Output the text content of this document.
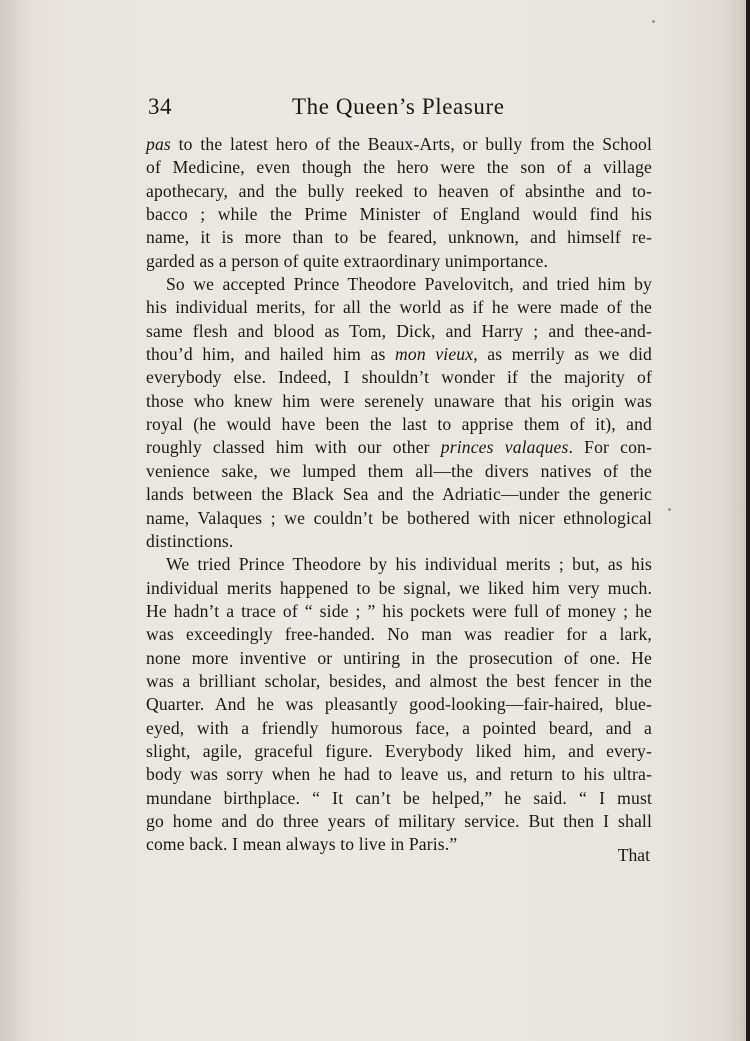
34	The Queen’s Pleasure
pas to the latest hero of the Beaux-Arts, or bully from the School
of Medicine, even though the hero were the son of a village
apothecary, and the bully reeked to heaven of absinthe and to-
bacco ; while the Prime Minister of England would find his
name, it is more than to be feared, unknown, and himself re-
garded as a person of quite extraordinary unimportance.
So we accepted Prince Theodore Pavelovitch, and tried him by
his individual merits, for all the world as if he were made of the
same flesh and blood as Tom, Dick, and Harry ; and thee-and-
thou’d him, and hailed him as mon vieux, as merrily as we did
everybody else. Indeed, I shouldn’t wonder if the majority of
those who knew him were serenely unaware that his origin was
royal (he would have been the last to apprise them of it), and
roughly classed him with our other princes valaques. For con-
venience sake, we lumped them all—the divers natives of the
lands between the Black Sea and the Adriatic—under the generic
name, Valaques ; we couldn’t be bothered with nicer ethnological
distinctions.
We tried Prince Theodore by his individual merits ; but, as his
individual merits happened to be signal, we liked him very much.
He hadn’t a trace of “ side ; ” his pockets were full of money ; he
was exceedingly free-handed. No man was readier for a lark,
none more inventive or untiring in the prosecution of one. He
was a brilliant scholar, besides, and almost the best fencer in the
Quarter. And he was pleasantly good-looking—fair-haired, blue-
eyed, with a friendly humorous face, a pointed beard, and a
slight, agile, graceful figure. Everybody liked him, and every-
body was sorry when he had to leave us, and return to his ultra-
mundane birthplace. “ It can’t be helped,” he said. “ I must
go home and do three years of military service. But then I shall
come back. I mean always to live in Paris.”
That
